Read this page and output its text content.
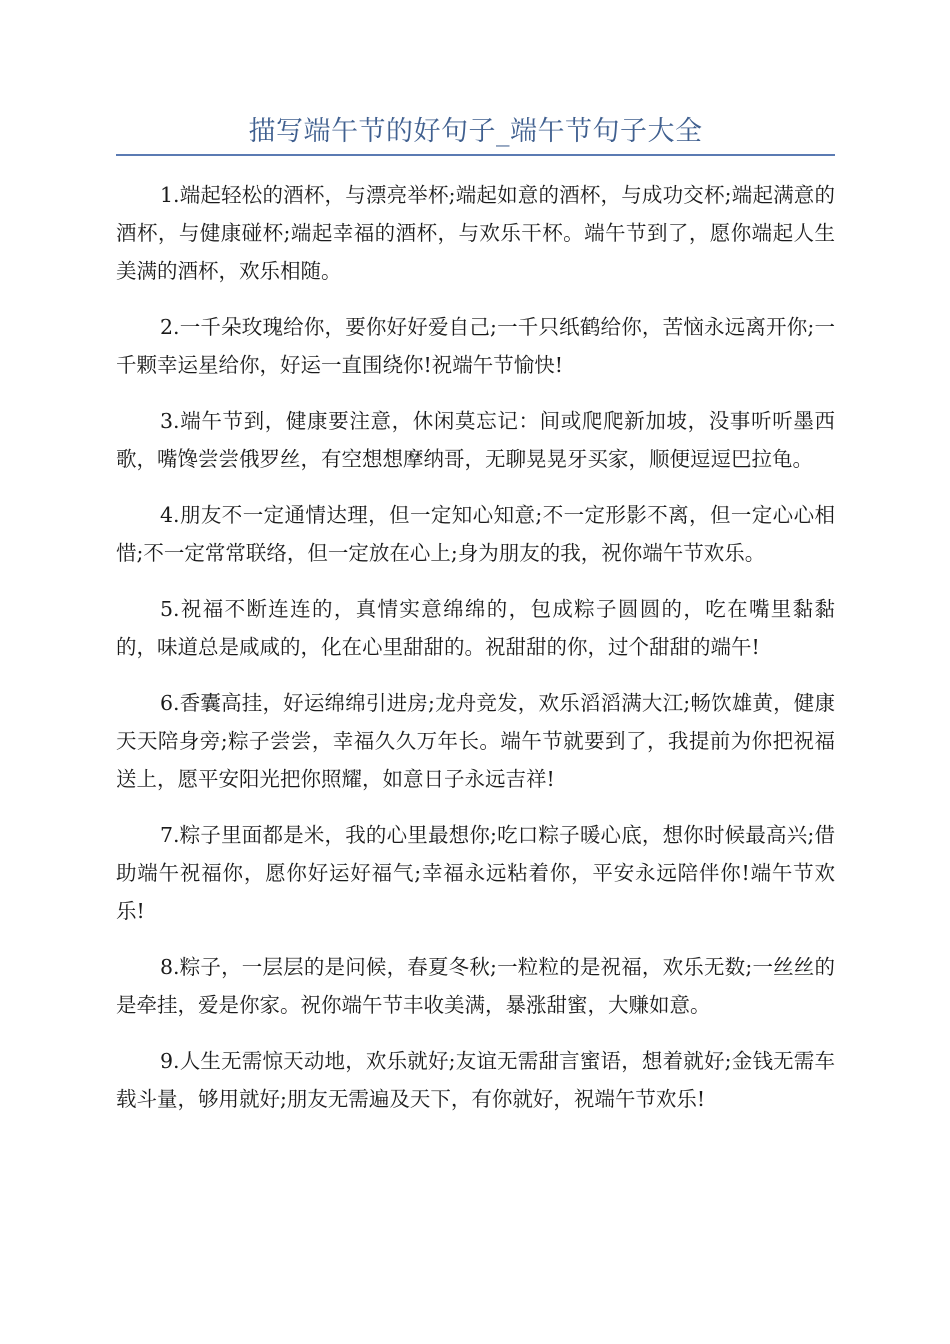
描写端午节的好句子_端午节句子大全

1.端起轻松的酒杯，与漂亮举杯;端起如意的酒杯，与成功交杯;端起满意的酒杯，与健康碰杯;端起幸福的酒杯，与欢乐干杯。端午节到了，愿你端起人生美满的酒杯，欢乐相随。

2.一千朵玫瑰给你，要你好好爱自己;一千只纸鹤给你，苦恼永远离开你;一千颗幸运星给你，好运一直围绕你!祝端午节愉快!

3.端午节到，健康要注意，休闲莫忘记：间或爬爬新加坡，没事听听墨西歌，嘴馋尝尝俄罗丝，有空想想摩纳哥，无聊晃晃牙买家，顺便逗逗巴拉龟。

4.朋友不一定通情达理，但一定知心知意;不一定形影不离，但一定心心相惜;不一定常常联络，但一定放在心上;身为朋友的我，祝你端午节欢乐。

5.祝福不断连连的，真情实意绵绵的，包成粽子圆圆的，吃在嘴里黏黏的，味道总是咸咸的，化在心里甜甜的。祝甜甜的你，过个甜甜的端午!

6.香囊高挂，好运绵绵引进房;龙舟竞发，欢乐滔滔满大江;畅饮雄黄，健康天天陪身旁;粽子尝尝，幸福久久万年长。端午节就要到了，我提前为你把祝福送上，愿平安阳光把你照耀，如意日子永远吉祥!

7.粽子里面都是米，我的心里最想你;吃口粽子暖心底，想你时候最高兴;借助端午祝福你，愿你好运好福气;幸福永远粘着你，平安永远陪伴你!端午节欢乐!

8.粽子，一层层的是问候，春夏冬秋;一粒粒的是祝福，欢乐无数;一丝丝的是牵挂，爱是你家。祝你端午节丰收美满，暴涨甜蜜，大赚如意。

9.人生无需惊天动地，欢乐就好;友谊无需甜言蜜语，想着就好;金钱无需车载斗量，够用就好;朋友无需遍及天下，有你就好，祝端午节欢乐!
